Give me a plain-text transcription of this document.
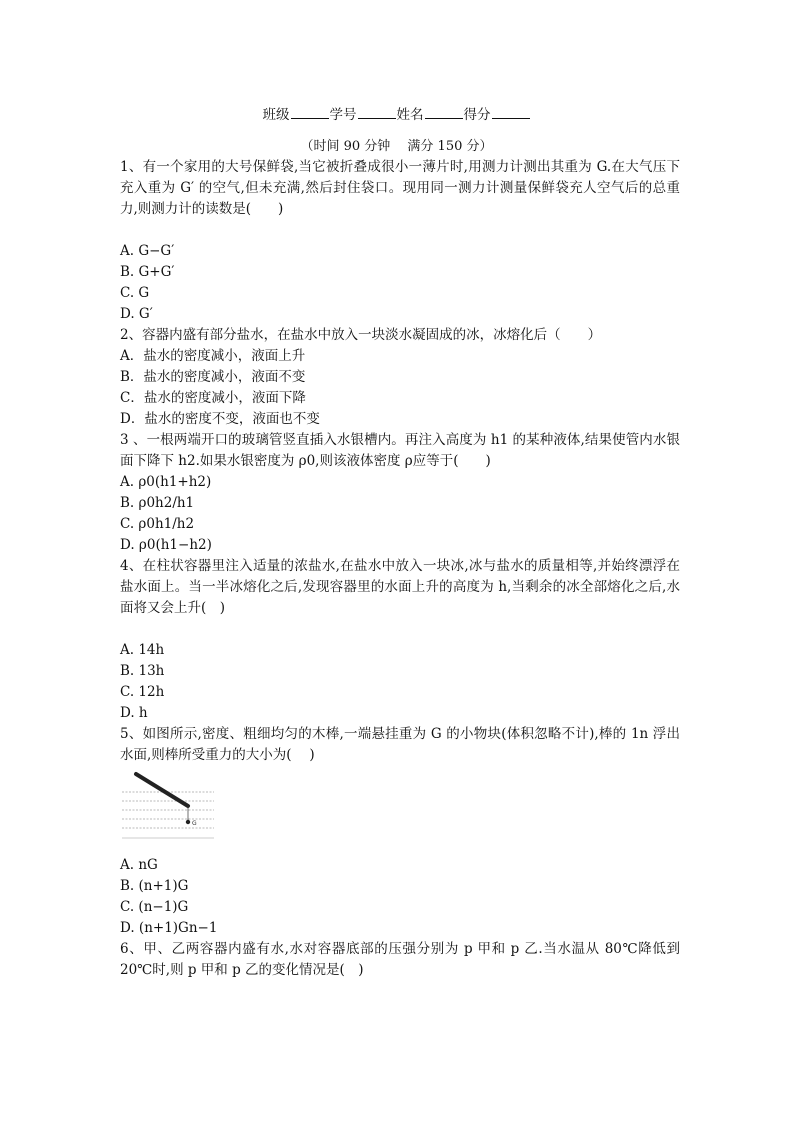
班级	学号	姓名	得分
（时间 90 分钟　 满分 150 分）

1、有一个家用的大号保鲜袋,当它被折叠成很小一薄片时,用测力计测出其重为 G.在大气压下充入重为 G′ 的空气,但未充满,然后封住袋口。现用同一测力计测量保鲜袋充人空气后的总重力,则测力计的读数是(　　)

A. G−G′

B. G+G′

C. G

D. G′

2、容器内盛有部分盐水，在盐水中放入一块淡水凝固成的冰，冰熔化后（　　）

A．盐水的密度减小，液面上升

B．盐水的密度减小，液面不变

C．盐水的密度减小，液面下降

D．盐水的密度不变，液面也不变

3 、一根两端开口的玻璃管竖直插入水银槽内。再注入高度为 h1 的某种液体,结果使管内水银面下降下 h2.如果水银密度为 ρ0,则该液体密度 ρ应等于(　　)

A. ρ0(h1+h2)

B. ρ0h2/h1

C. ρ0h1/h2

D. ρ0(h1−h2)

4、在柱状容器里注入适量的浓盐水,在盐水中放入一块冰,冰与盐水的质量相等,并始终漂浮在盐水面上。当一半冰熔化之后,发现容器里的水面上升的高度为 h,当剩余的冰全部熔化之后,水面将又会上升(　)

A. 14h

B. 13h

C. 12h

D. h

5、如图所示,密度、粗细均匀的木棒,一端悬挂重为 G 的小物块(体积忽略不计),棒的 1n 浮出水面,则棒所受重力的大小为(　 )

G

A. nG

B. (n+1)G

C. (n−1)G

D. (n+1)Gn−1

6、甲、乙两容器内盛有水,水对容器底部的压强分别为 p 甲和 p 乙.当水温从 80℃降低到 20℃时,则 p 甲和 p 乙的变化情况是(　)
